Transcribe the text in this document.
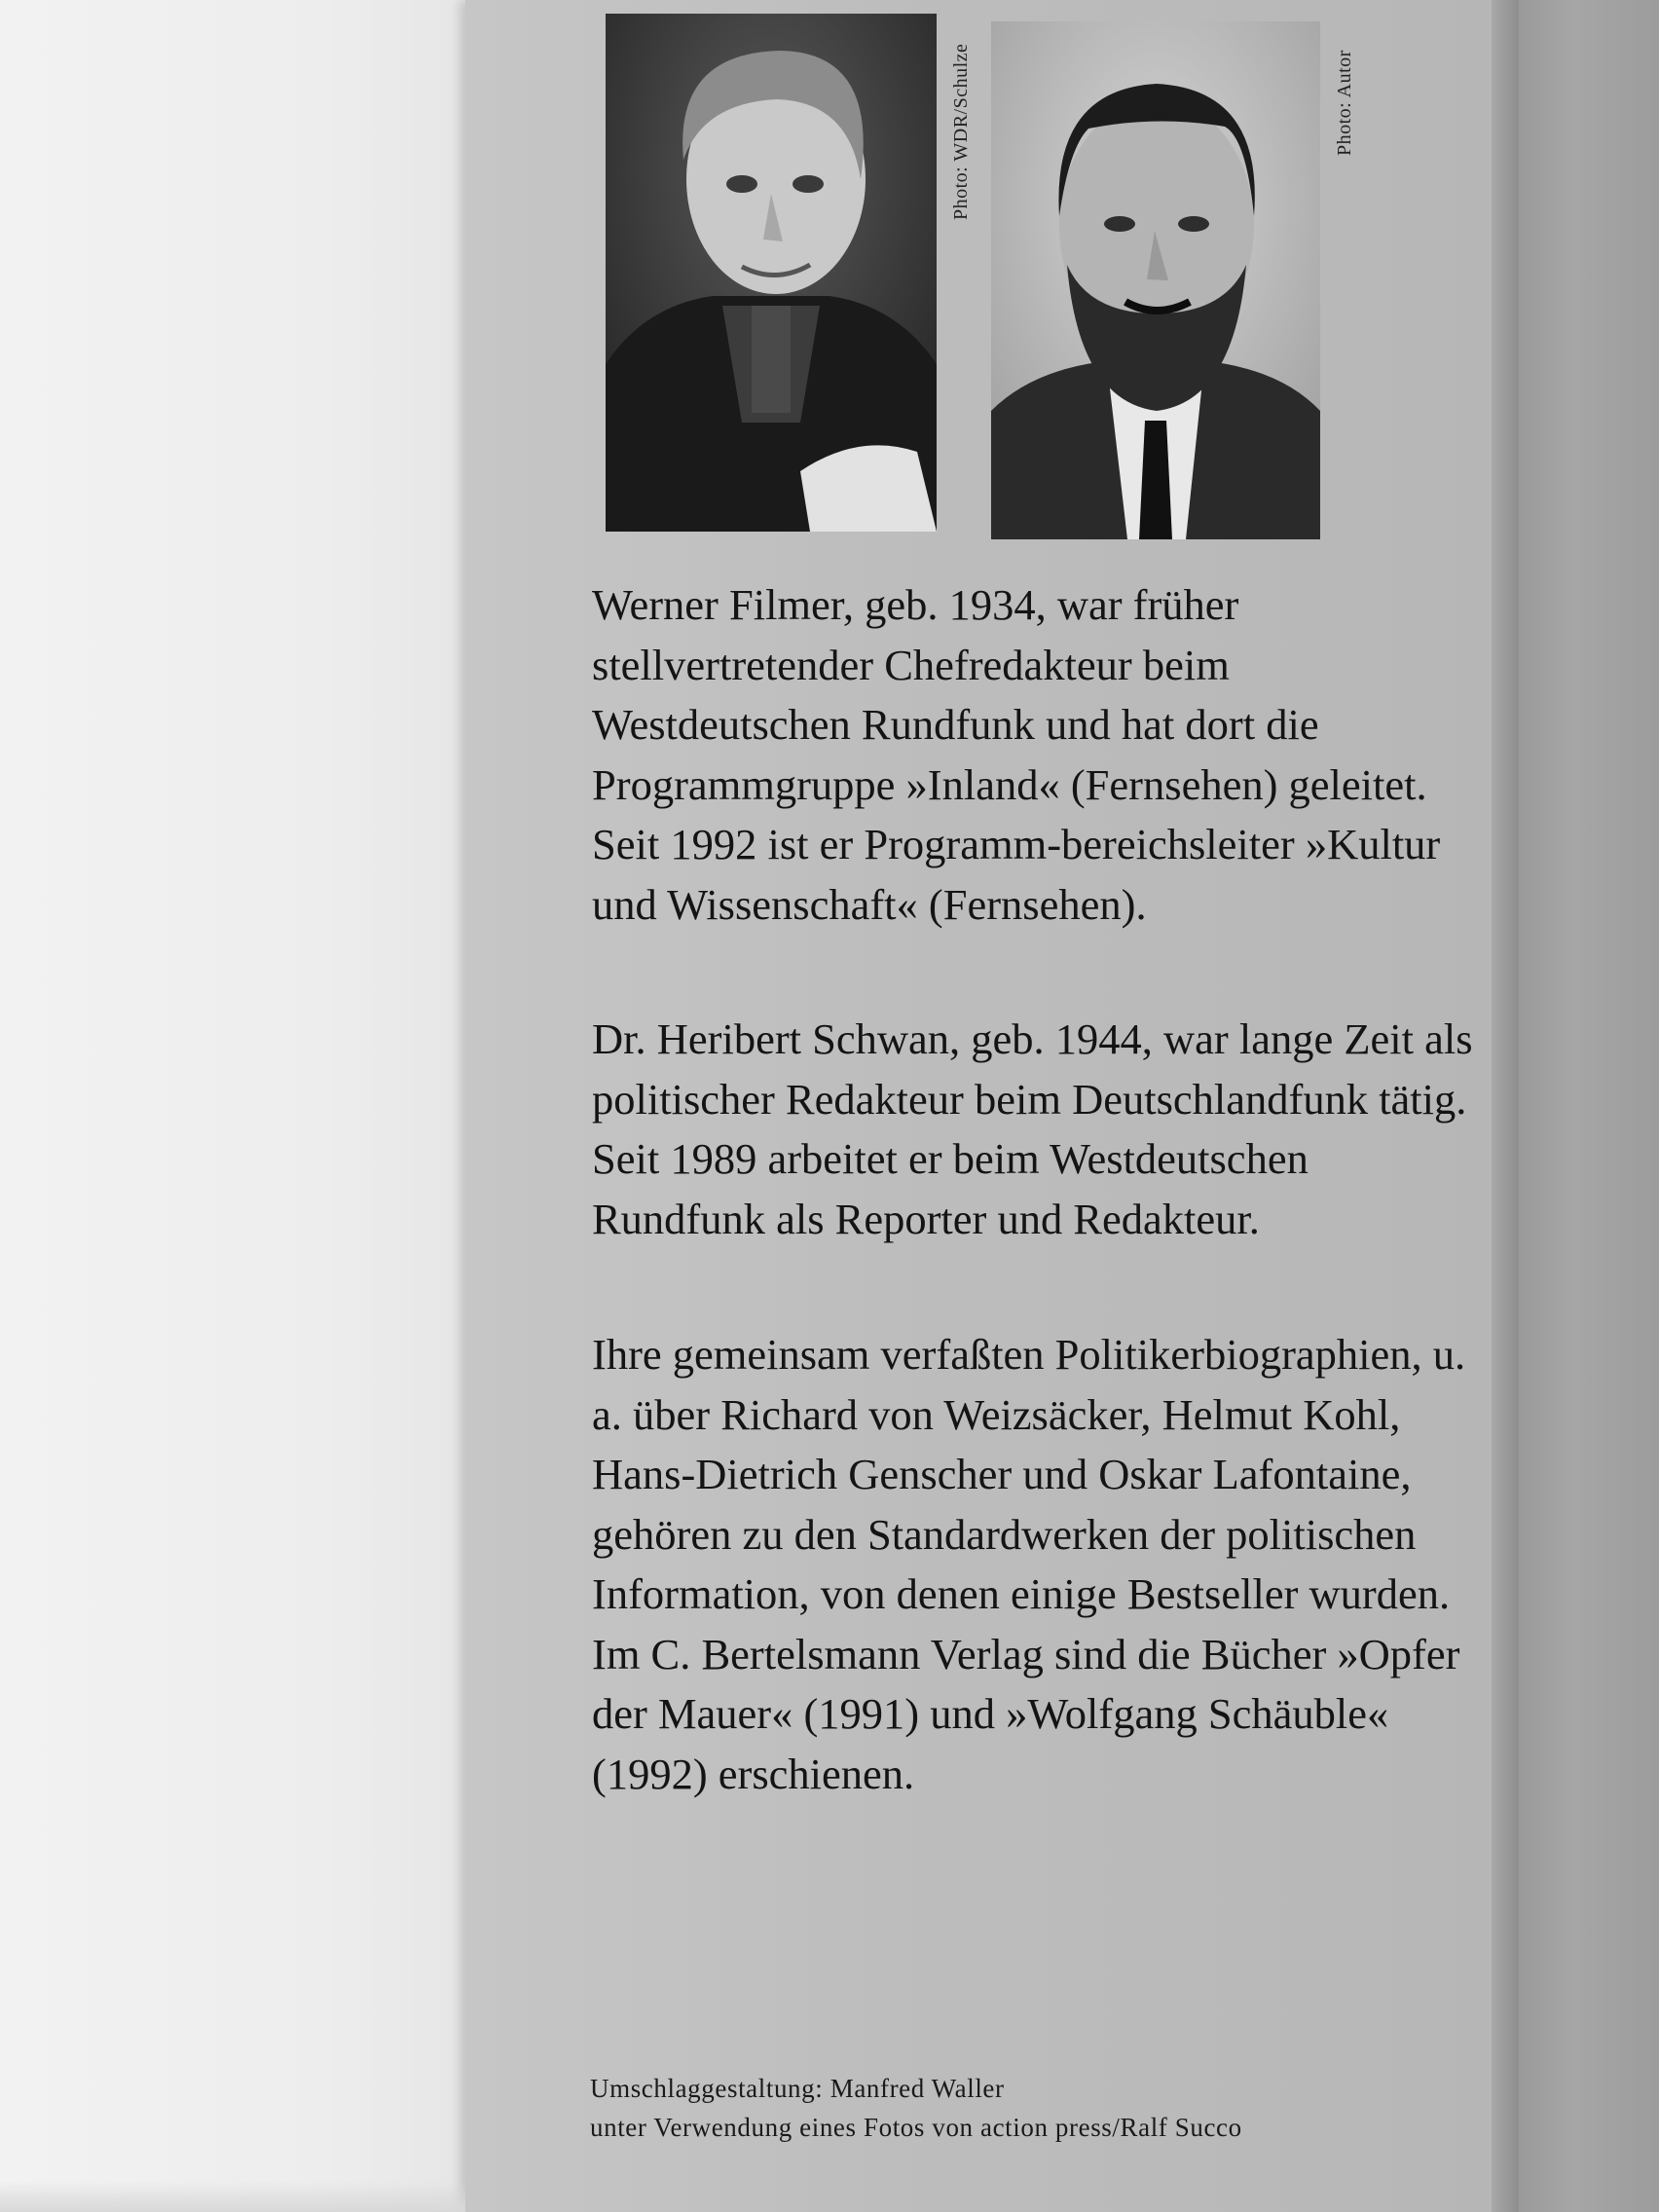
Photo: WDR/Schulze	Photo: Autor

Werner Filmer, geb. 1934, war früher stellvertretender Chefredakteur beim Westdeutschen Rundfunk und hat dort die Programmgruppe »Inland« (Fernsehen) geleitet. Seit 1992 ist er Programm-bereichsleiter »Kultur und Wissenschaft« (Fernsehen).

Dr. Heribert Schwan, geb. 1944, war lange Zeit als politischer Redakteur beim Deutschlandfunk tätig. Seit 1989 arbeitet er beim Westdeutschen Rundfunk als Reporter und Redakteur.

Ihre gemeinsam verfaßten Politikerbiographien, u. a. über Richard von Weizsäcker, Helmut Kohl, Hans-Dietrich Genscher und Oskar Lafontaine, gehören zu den Standardwerken der politischen Information, von denen einige Bestseller wurden. Im C. Bertelsmann Verlag sind die Bücher »Opfer der Mauer« (1991) und »Wolfgang Schäuble« (1992) erschienen.

Umschlaggestaltung: Manfred Waller
unter Verwendung eines Fotos von action press/Ralf Succo
